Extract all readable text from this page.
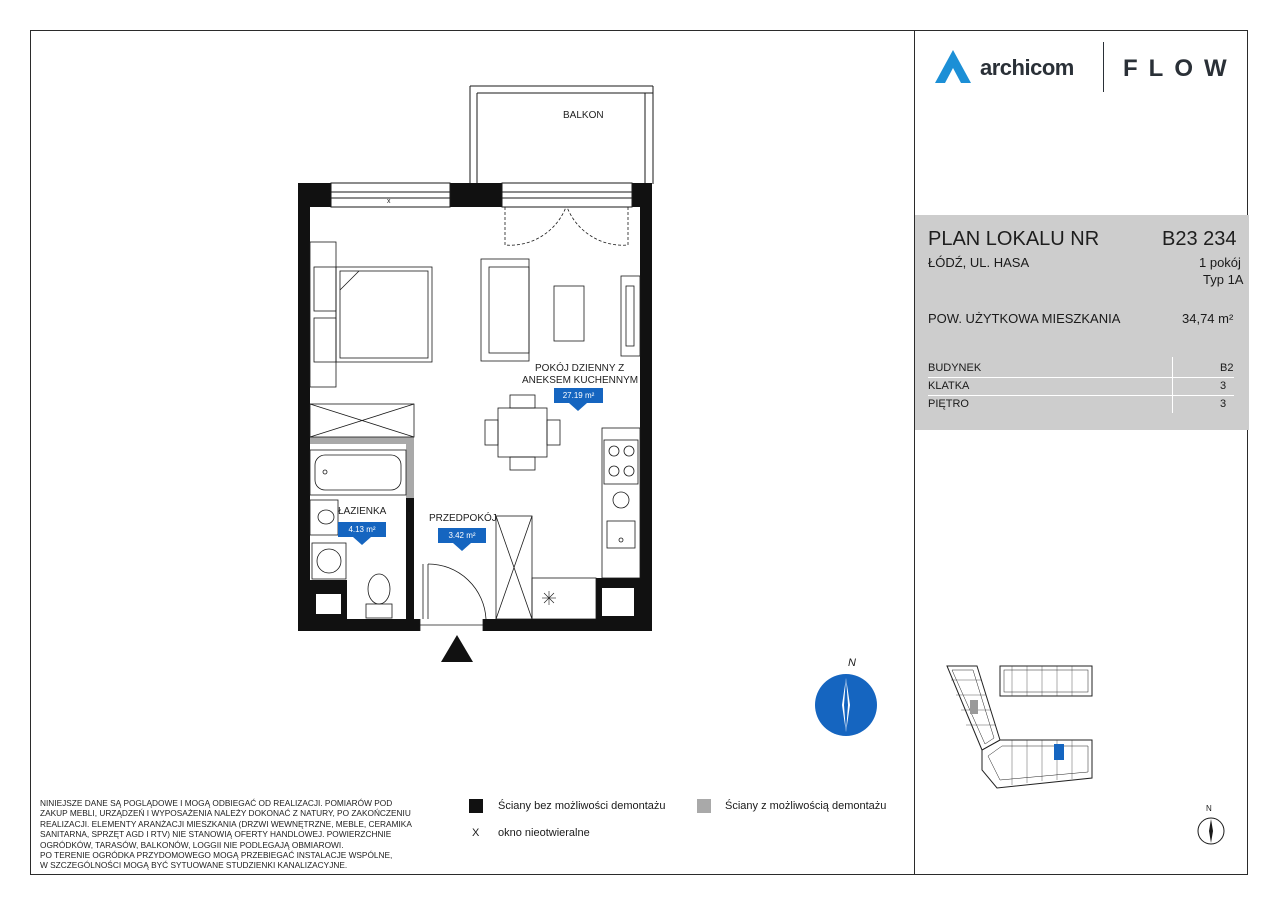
x
BALKON
POKÓJ DZIENNY Z
ANEKSEM KUCHENNYM
27.19 m²
ŁAZIENKA
4.13 m²
PRZEDPOKÓJ
3.42 m²
N
archicom FLOW
PLAN LOKALU NR	B23 234
ŁÓDŹ, UL. HASA	1 pokój
Typ 1A
POW. UŻYTKOWA MIESZKANIA	34,74 m²
BUDYNEK	B2
KLATKA	3
PIĘTRO	3
N
Ściany bez możliwości demontażu	Ściany z możliwością demontażu
X okno nieotwieralne
NINIEJSZE DANE SĄ POGLĄDOWE I MOGĄ ODBIEGAĆ OD REALIZACJI. POMIARÓW POD
ZAKUP MEBLI, URZĄDZEŃ I WYPOSAŻENIA NALEŻY DOKONAĆ Z NATURY, PO ZAKOŃCZENIU
REALIZACJI. ELEMENTY ARANŻACJI MIESZKANIA (DRZWI WEWNĘTRZNE, MEBLE, CERAMIKA
SANITARNA, SPRZĘT AGD I RTV) NIE STANOWIĄ OFERTY HANDLOWEJ. POWIERZCHNIE
OGRÓDKÓW, TARASÓW, BALKONÓW, LOGGII NIE PODLEGAJĄ OBMIAROWI.
PO TERENIE OGRÓDKA PRZYDOMOWEGO MOGĄ PRZEBIEGAĆ INSTALACJE WSPÓLNE,
W SZCZEGÓLNOŚCI MOGĄ BYĆ SYTUOWANE STUDZIENKI KANALIZACYJNE.
